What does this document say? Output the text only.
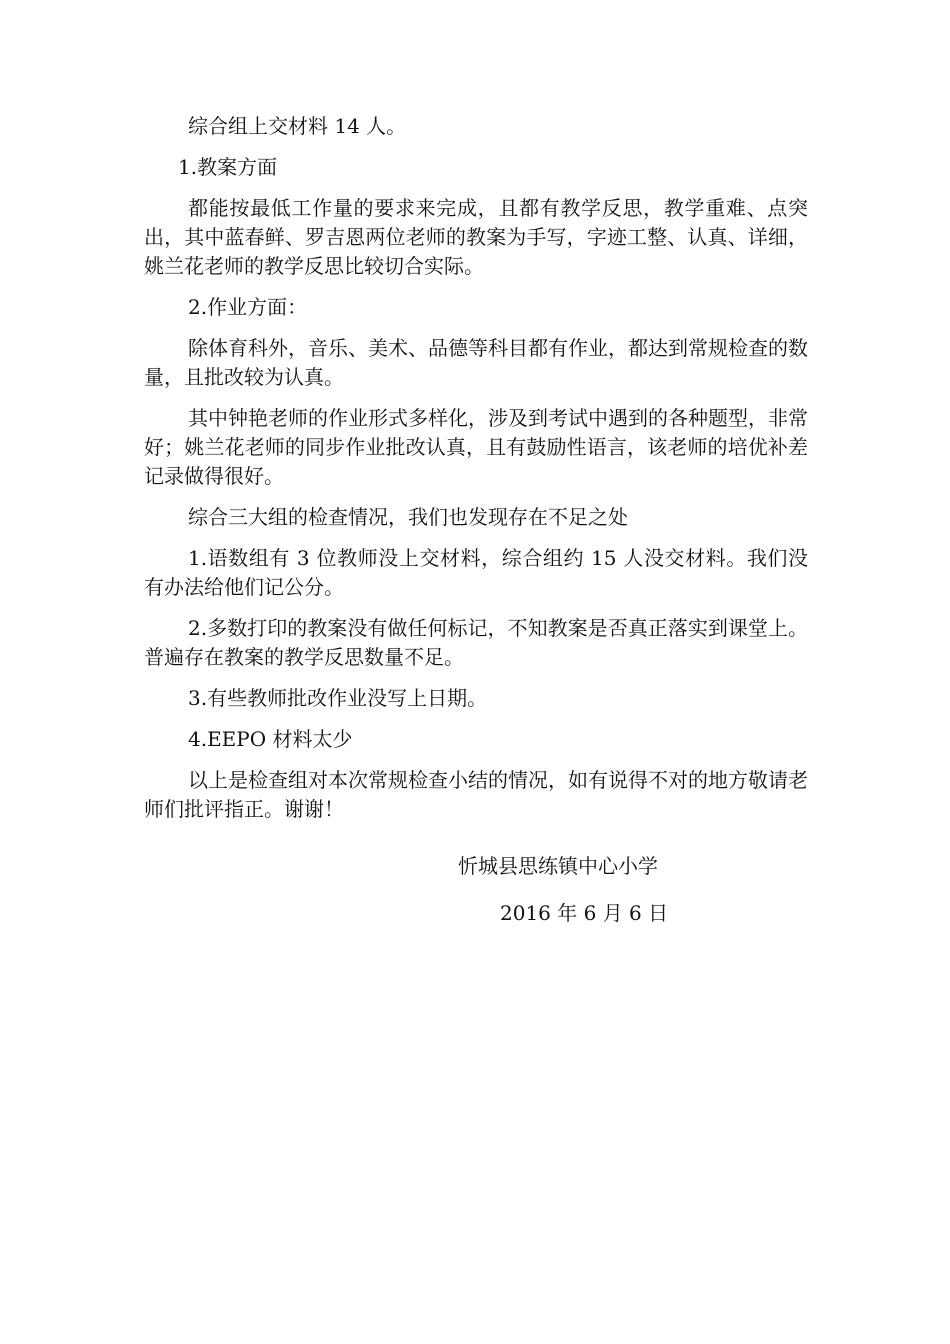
综合组上交材料 14 人。

1.教案方面

都能按最低工作量的要求来完成，且都有教学反思，教学重难、点突出，其中蓝春鲜、罗吉恩两位老师的教案为手写，字迹工整、认真、详细，姚兰花老师的教学反思比较切合实际。

2.作业方面：

除体育科外，音乐、美术、品德等科目都有作业，都达到常规检查的数量，且批改较为认真。

其中钟艳老师的作业形式多样化，涉及到考试中遇到的各种题型，非常好；姚兰花老师的同步作业批改认真，且有鼓励性语言，该老师的培优补差记录做得很好。

综合三大组的检查情况，我们也发现存在不足之处

1.语数组有 3 位教师没上交材料，综合组约 15 人没交材料。我们没有办法给他们记公分。

2.多数打印的教案没有做任何标记，不知教案是否真正落实到课堂上。普遍存在教案的教学反思数量不足。

3.有些教师批改作业没写上日期。

4.EEPO 材料太少

以上是检查组对本次常规检查小结的情况，如有说得不对的地方敬请老师们批评指正。谢谢！

忻城县思练镇中心小学
2016 年 6 月 6 日
